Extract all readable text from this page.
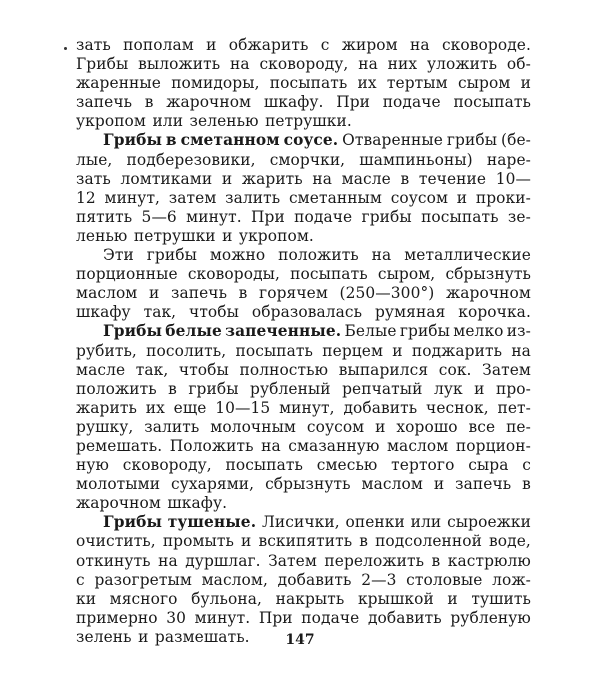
зать пополам и обжарить с жиром на сковороде.
Грибы выложить на сковороду, на них уложить об-
жаренные помидоры, посыпать их тертым сыром и
запечь в жарочном шкафу. При подаче посыпать
укропом или зеленью петрушки.
Грибы в сметанном соусе. Отваренные грибы (бе-
лые, подберезовики, сморчки, шампиньоны) наре-
зать ломтиками и жарить на масле в течение 10—
12 минут, затем залить сметанным соусом и проки-
пятить 5—6 минут. При подаче грибы посыпать зе-
ленью петрушки и укропом.
Эти грибы можно положить на металлические
порционные сковороды, посыпать сыром, сбрызнуть
маслом и запечь в горячем (250—300°) жарочном
шкафу так, чтобы образовалась румяная корочка.
Грибы белые запеченные. Белые грибы мелко из-
рубить, посолить, посыпать перцем и поджарить на
масле так, чтобы полностью выпарился сок. Затем
положить в грибы рубленый репчатый лук и про-
жарить их еще 10—15 минут, добавить чеснок, пет-
рушку, залить молочным соусом и хорошо все пе-
ремешать. Положить на смазанную маслом порцион-
ную сковороду, посыпать смесью тертого сыра с
молотыми сухарями, сбрызнуть маслом и запечь в
жарочном шкафу.
Грибы тушеные. Лисички, опенки или сыроежки
очистить, промыть и вскипятить в подсоленной воде,
откинуть на дуршлаг. Затем переложить в кастрюлю
с разогретым маслом, добавить 2—3 столовые лож-
ки мясного бульона, накрыть крышкой и тушить
примерно 30 минут. При подаче добавить рубленую
зелень и размешать.	147
